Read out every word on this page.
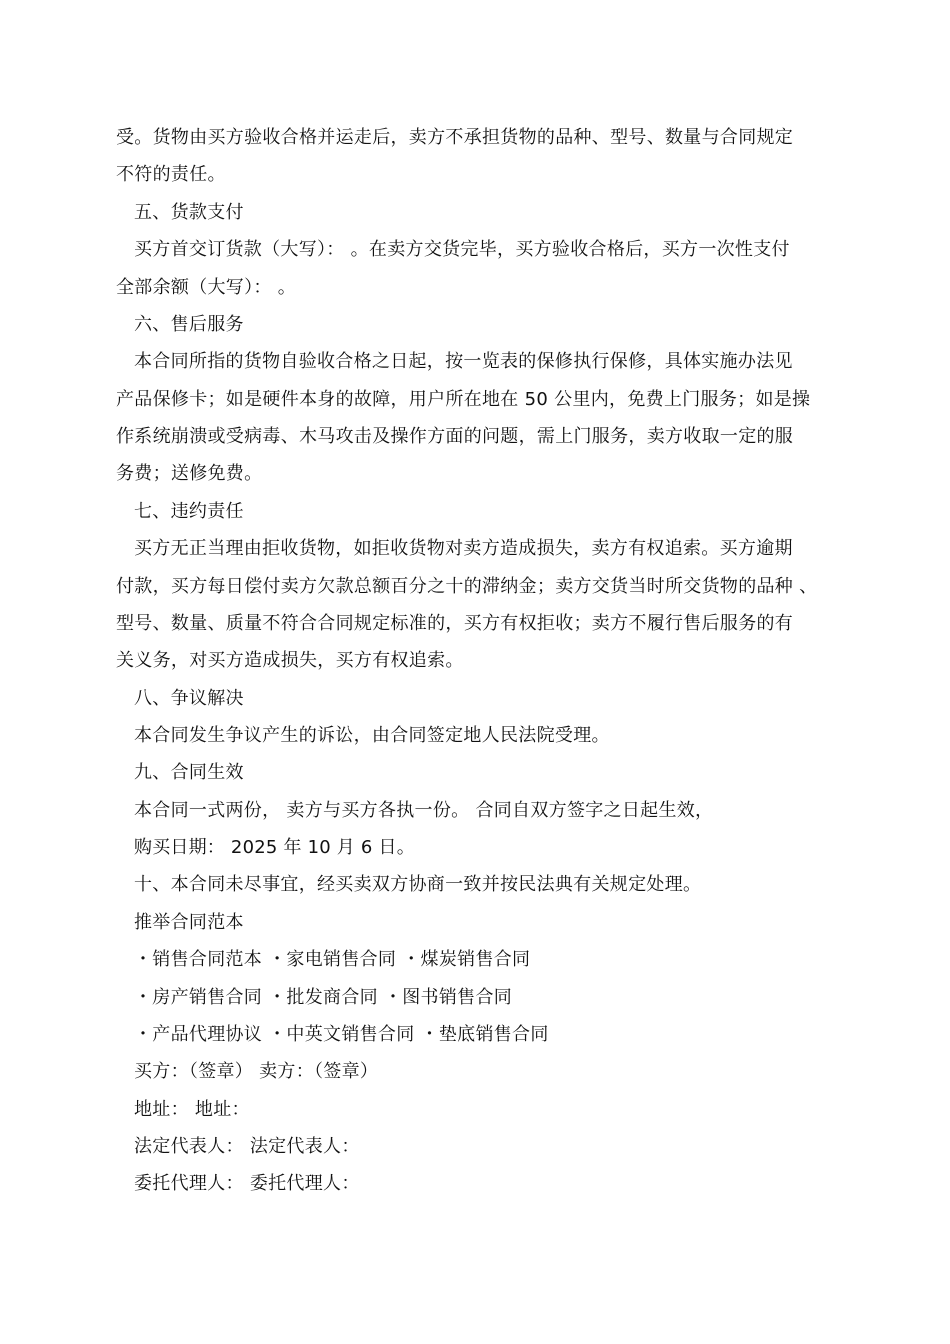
受。货物由买方验收合格并运走后，卖方不承担货物的品种、型号、数量与合同规定
不符的责任。
五、货款支付
买方首交订货款（大写）： 。在卖方交货完毕，买方验收合格后，买方一次性支付
全部余额（大写）： 。
六、售后服务
本合同所指的货物自验收合格之日起，按一览表的保修执行保修，具体实施办法见
产品保修卡；如是硬件本身的故障，用户所在地在 50 公里内，免费上门服务；如是操
作系统崩溃或受病毒、木马攻击及操作方面的问题，需上门服务，卖方收取一定的服
务费；送修免费。
七、违约责任
买方无正当理由拒收货物，如拒收货物对卖方造成损失，卖方有权追索。买方逾期
付款，买方每日偿付卖方欠款总额百分之十的滞纳金；卖方交货当时所交货物的品种 、
型号、数量、质量不符合合同规定标准的，买方有权拒收；卖方不履行售后服务的有
关义务，对买方造成损失，买方有权追索。
八、争议解决
本合同发生争议产生的诉讼，由合同签定地人民法院受理。
九、合同生效
本合同一式两份， 卖方与买方各执一份。 合同自双方签字之日起生效，
购买日期： 2025 年 10 月 6 日。
十、本合同未尽事宜，经买卖双方协商一致并按民法典有关规定处理。
推举合同范本
・销售合同范本 ・家电销售合同 ・煤炭销售合同
・房产销售合同 ・批发商合同 ・图书销售合同
・产品代理协议 ・中英文销售合同 ・垫底销售合同
买方：（签章） 卖方：（签章）
地址： 地址：
法定代表人： 法定代表人：
委托代理人： 委托代理人：
